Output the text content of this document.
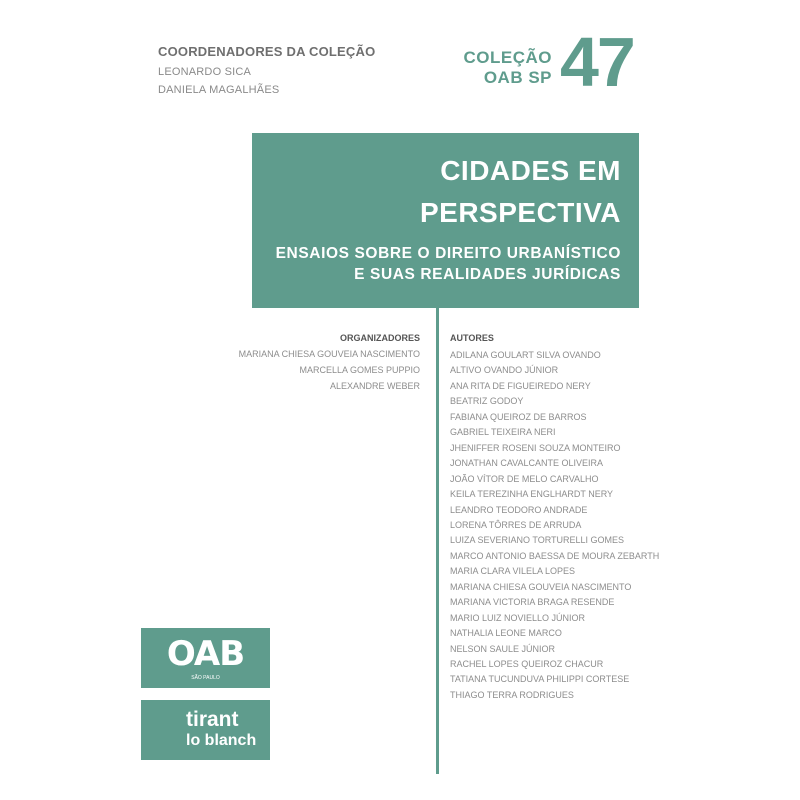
COORDENADORES DA COLEÇÃO
LEONARDO SICA
DANIELA MAGALHÃES
COLEÇÃO
OAB SP 47
CIDADES EM
PERSPECTIVA
ENSAIOS SOBRE O DIREITO URBANÍSTICO
E SUAS REALIDADES JURÍDICAS
ORGANIZADORES
MARIANA CHIESA GOUVEIA NASCIMENTO
MARCELLA GOMES PUPPIO
ALEXANDRE WEBER
AUTORES
ADILANA GOULART SILVA OVANDO
ALTIVO OVANDO JÚNIOR
ANA RITA DE FIGUEIREDO NERY
BEATRIZ GODOY
FABIANA QUEIROZ DE BARROS
GABRIEL TEIXEIRA NERI
JHENIFFER ROSENI SOUZA MONTEIRO
JONATHAN CAVALCANTE OLIVEIRA
JOÃO VÍTOR DE MELO CARVALHO
KEILA TEREZINHA ENGLHARDT NERY
LEANDRO TEODORO ANDRADE
LORENA TÔRRES DE ARRUDA
LUIZA SEVERIANO TORTURELLI GOMES
MARCO ANTONIO BAESSA DE MOURA ZEBARTH
MARIA CLARA VILELA LOPES
MARIANA CHIESA GOUVEIA NASCIMENTO
MARIANA VICTORIA BRAGA RESENDE
MARIO LUIZ NOVIELLO JÚNIOR
NATHALIA LEONE MARCO
NELSON SAULE JÚNIOR
RACHEL LOPES QUEIROZ CHACUR
TATIANA TUCUNDUVA PHILIPPI CORTESE
THIAGO TERRA RODRIGUES
OAB
SÃO PAULO
tirant
lo blanch
